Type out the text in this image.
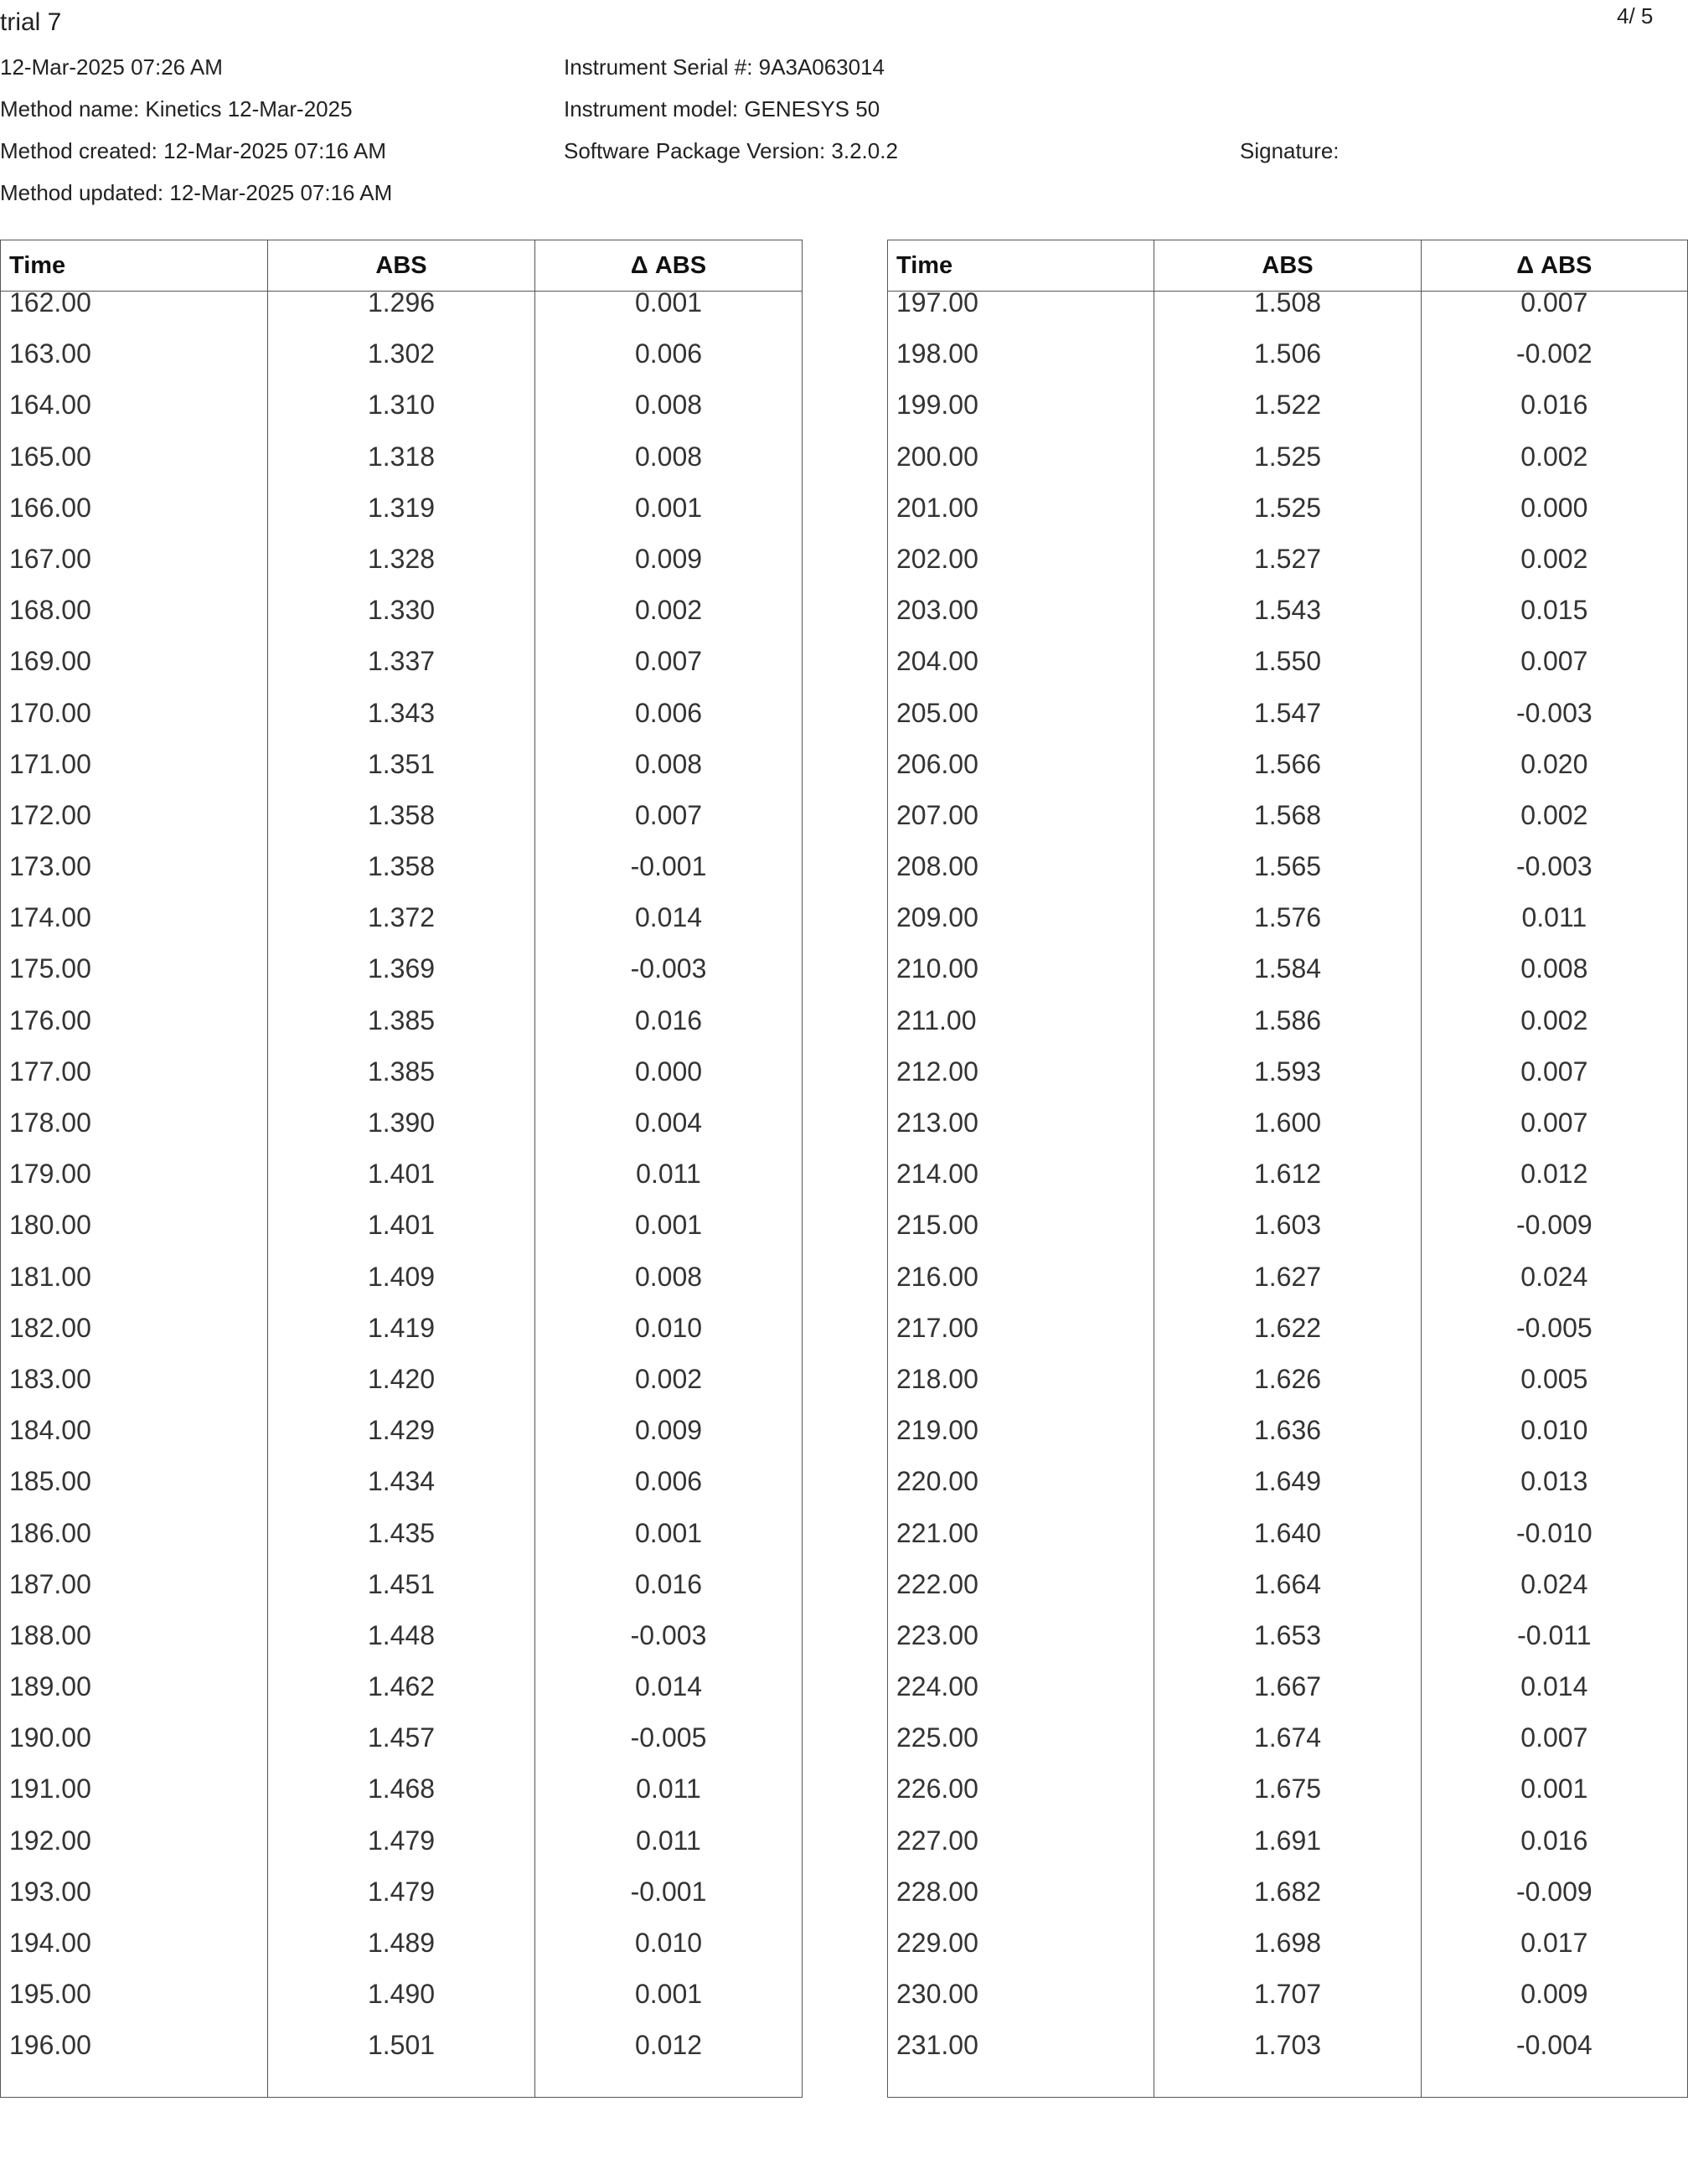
trial 7	4/ 5
12-Mar-2025 07:26 AM
Method name: Kinetics 12-Mar-2025
Method created: 12-Mar-2025 07:16 AM
Method updated: 12-Mar-2025 07:16 AM
Instrument Serial #: 9A3A063014
Instrument model: GENESYS 50
Software Package Version: 3.2.0.2	Signature:
Time	ABS	Δ ABS
162.00	1.296	0.001
163.00	1.302	0.006
164.00	1.310	0.008
165.00	1.318	0.008
166.00	1.319	0.001
167.00	1.328	0.009
168.00	1.330	0.002
169.00	1.337	0.007
170.00	1.343	0.006
171.00	1.351	0.008
172.00	1.358	0.007
173.00	1.358	-0.001
174.00	1.372	0.014
175.00	1.369	-0.003
176.00	1.385	0.016
177.00	1.385	0.000
178.00	1.390	0.004
179.00	1.401	0.011
180.00	1.401	0.001
181.00	1.409	0.008
182.00	1.419	0.010
183.00	1.420	0.002
184.00	1.429	0.009
185.00	1.434	0.006
186.00	1.435	0.001
187.00	1.451	0.016
188.00	1.448	-0.003
189.00	1.462	0.014
190.00	1.457	-0.005
191.00	1.468	0.011
192.00	1.479	0.011
193.00	1.479	-0.001
194.00	1.489	0.010
195.00	1.490	0.001
196.00	1.501	0.012
Time	ABS	Δ ABS
197.00	1.508	0.007
198.00	1.506	-0.002
199.00	1.522	0.016
200.00	1.525	0.002
201.00	1.525	0.000
202.00	1.527	0.002
203.00	1.543	0.015
204.00	1.550	0.007
205.00	1.547	-0.003
206.00	1.566	0.020
207.00	1.568	0.002
208.00	1.565	-0.003
209.00	1.576	0.011
210.00	1.584	0.008
211.00	1.586	0.002
212.00	1.593	0.007
213.00	1.600	0.007
214.00	1.612	0.012
215.00	1.603	-0.009
216.00	1.627	0.024
217.00	1.622	-0.005
218.00	1.626	0.005
219.00	1.636	0.010
220.00	1.649	0.013
221.00	1.640	-0.010
222.00	1.664	0.024
223.00	1.653	-0.011
224.00	1.667	0.014
225.00	1.674	0.007
226.00	1.675	0.001
227.00	1.691	0.016
228.00	1.682	-0.009
229.00	1.698	0.017
230.00	1.707	0.009
231.00	1.703	-0.004
